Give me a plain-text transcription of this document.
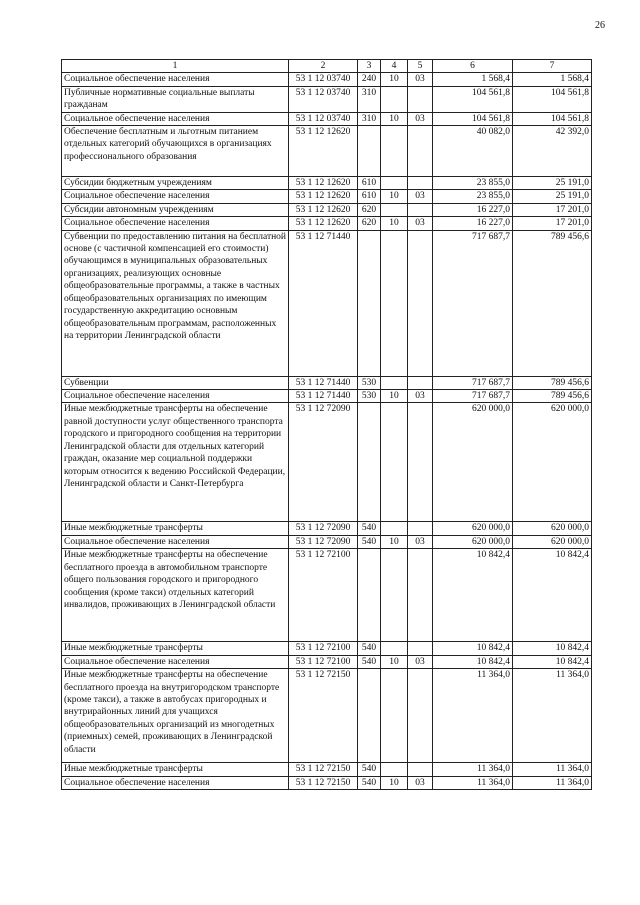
26
1	2	3	4	5	6	7
Социальное обеспечение населения	53 1 12 03740	240	10	03	1 568,4	1 568,4
Публичные нормативные социальные выплаты гражданам	53 1 12 03740	310			104 561,8	104 561,8
Социальное обеспечение населения	53 1 12 03740	310	10	03	104 561,8	104 561,8
Обеспечение бесплатным и льготным питанием отдельных категорий обучающихся в организациях профессионального образования	53 1 12 12620				40 082,0	42 392,0
Субсидии бюджетным учреждениям	53 1 12 12620	610			23 855,0	25 191,0
Социальное обеспечение населения	53 1 12 12620	610	10	03	23 855,0	25 191,0
Субсидии автономным учреждениям	53 1 12 12620	620			16 227,0	17 201,0
Социальное обеспечение населения	53 1 12 12620	620	10	03	16 227,0	17 201,0
Субвенции по предоставлению питания на бесплатной основе (с частичной компенсацией его стоимости) обучающимся в муниципальных образовательных организациях, реализующих основные общеобразовательные программы, а также в частных общеобразовательных организациях по имеющим государственную аккредитацию основным общеобразовательным программам, расположенных на территории Ленинградской области	53 1 12 71440				717 687,7	789 456,6
Субвенции	53 1 12 71440	530			717 687,7	789 456,6
Социальное обеспечение населения	53 1 12 71440	530	10	03	717 687,7	789 456,6
Иные межбюджетные трансферты на обеспечение равной доступности услуг общественного транспорта городского и пригородного сообщения на территории Ленинградской области для отдельных категорий граждан, оказание мер социальной поддержки которым относится к ведению Российской Федерации, Ленинградской области и Санкт-Петербурга	53 1 12 72090				620 000,0	620 000,0
Иные межбюджетные трансферты	53 1 12 72090	540			620 000,0	620 000,0
Социальное обеспечение населения	53 1 12 72090	540	10	03	620 000,0	620 000,0
Иные межбюджетные трансферты на обеспечение бесплатного проезда в автомобильном транспорте общего пользования городского и пригородного сообщения (кроме такси) отдельных категорий инвалидов, проживающих в Ленинградской области	53 1 12 72100				10 842,4	10 842,4
Иные межбюджетные трансферты	53 1 12 72100	540			10 842,4	10 842,4
Социальное обеспечение населения	53 1 12 72100	540	10	03	10 842,4	10 842,4
Иные межбюджетные трансферты на обеспечение бесплатного проезда на внутригородском транспорте (кроме такси), а также в автобусах пригородных и внутрирайонных линий для учащихся общеобразовательных организаций из многодетных (приемных) семей, проживающих в Ленинградской области	53 1 12 72150				11 364,0	11 364,0
Иные межбюджетные трансферты	53 1 12 72150	540			11 364,0	11 364,0
Социальное обеспечение населения	53 1 12 72150	540	10	03	11 364,0	11 364,0
